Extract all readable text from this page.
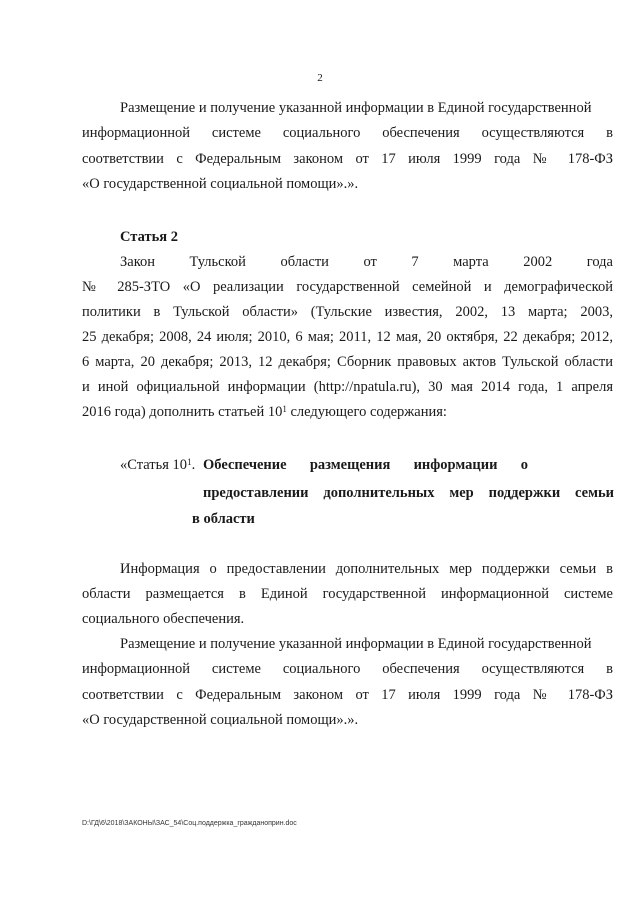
2
Размещение и получение указанной информации в Единой государственной
информационной системе социального обеспечения осуществляются в
соответствии с Федеральным законом от 17 июля 1999 года № 178-ФЗ
«О государственной социальной помощи».».
Статья 2
Закон Тульской области от 7 марта 2002 года
№ 285-ЗТО «О реализации государственной семейной и демографической
политики в Тульской области» (Тульские известия, 2002, 13 марта; 2003,
25 декабря; 2008, 24 июля; 2010, 6 мая; 2011, 12 мая, 20 октября, 22 декабря; 2012,
6 марта, 20 декабря; 2013, 12 декабря; Сборник правовых актов Тульской области
и иной официальной информации (http://npatula.ru), 30 мая 2014 года, 1 апреля
2016 года) дополнить статьей $10^1$ следующего содержания:
«Статья $10^1$. Обеспечение размещения информации о
предоставлении дополнительных мер поддержки семьи
в области
Информация о предоставлении дополнительных мер поддержки семьи в
области размещается в Единой государственной информационной системе
социального обеспечения.
Размещение и получение указанной информации в Единой государственной
информационной системе социального обеспечения осуществляются в
соответствии с Федеральным законом от 17 июля 1999 года № 178-ФЗ
«О государственной социальной помощи».».
D:\ГД\6\2018\ЗАКОНЫ\ЗАС_54\Соц.поддержка_гражданоприн.doc
